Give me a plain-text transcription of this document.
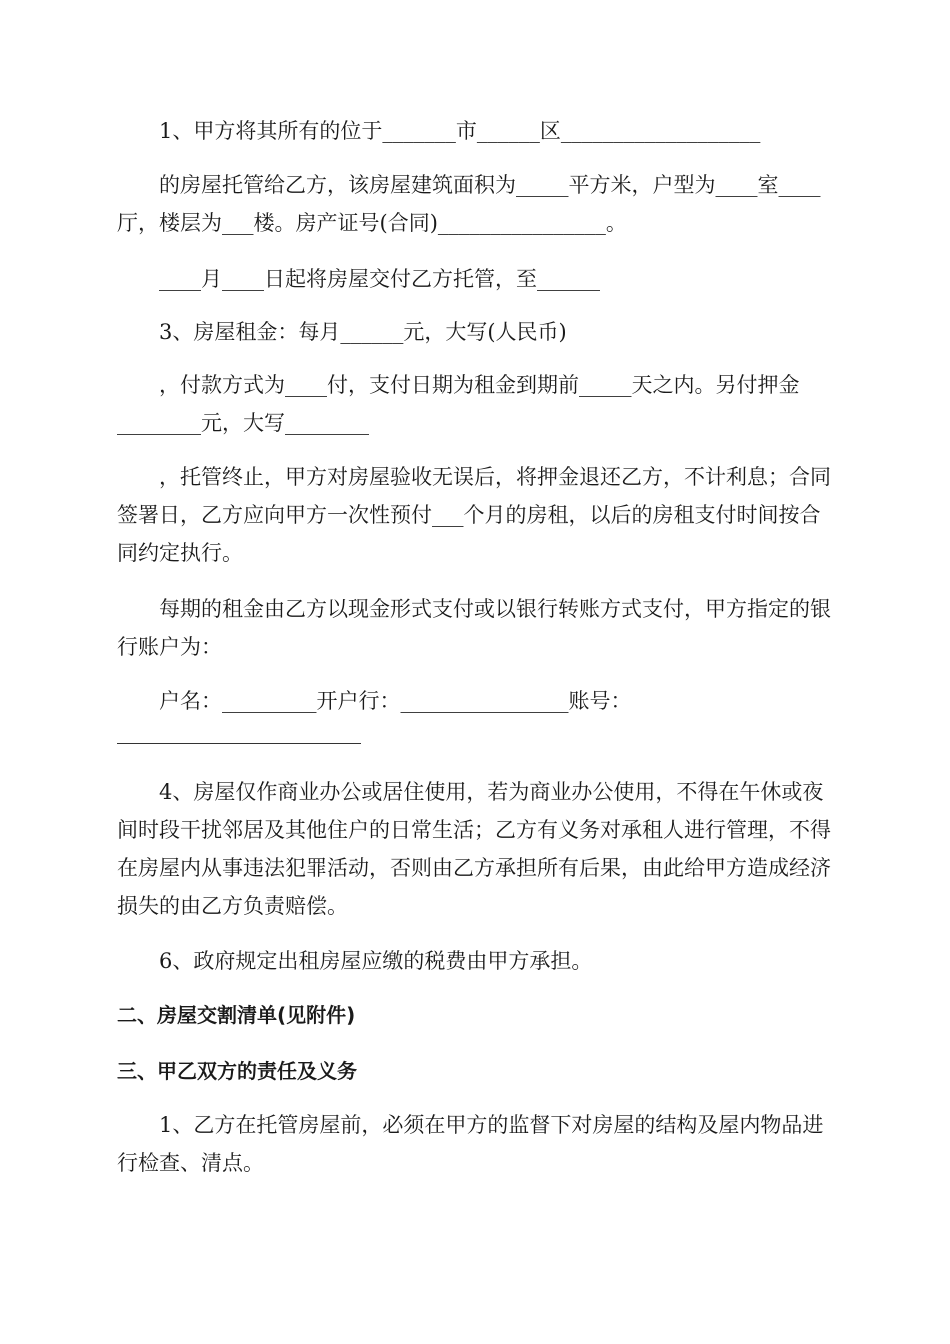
1、甲方将其所有的位于_______市______区___________________

的房屋托管给乙方，该房屋建筑面积为_____平方米，户型为____室____厅，楼层为___楼。房产证号(合同)________________。

____月____日起将房屋交付乙方托管，至______

3、房屋租金：每月______元，大写(人民币)

，付款方式为____付，支付日期为租金到期前_____天之内。另付押金________元，大写________

，托管终止，甲方对房屋验收无误后，将押金退还乙方，不计利息；合同签署日，乙方应向甲方一次性预付___个月的房租，以后的房租支付时间按合同约定执行。

每期的租金由乙方以现金形式支付或以银行转账方式支付，甲方指定的银行账户为：

户名：_________开户行：________________账号：

4、房屋仅作商业办公或居住使用，若为商业办公使用，不得在午休或夜间时段干扰邻居及其他住户的日常生活；乙方有义务对承租人进行管理，不得在房屋内从事违法犯罪活动，否则由乙方承担所有后果，由此给甲方造成经济损失的由乙方负责赔偿。

6、政府规定出租房屋应缴的税费由甲方承担。

二、房屋交割清单(见附件)

三、甲乙双方的责任及义务

1、乙方在托管房屋前，必须在甲方的监督下对房屋的结构及屋内物品进行检查、清点。
